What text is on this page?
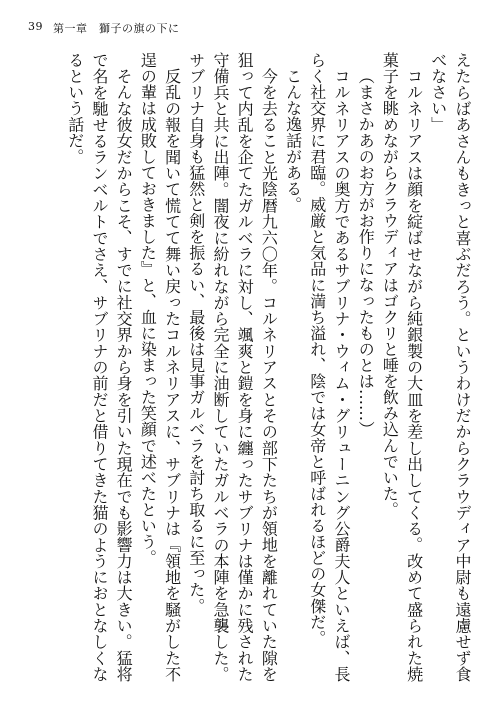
39 第一章　獅子の旗の下に

えたらばあさんもきっと喜ぶだろう。というわけだからクラウディア中尉も遠慮せず食べなさい」

コルネリアスは顔を綻ばせながら純銀製の大皿を差し出してくる。改めて盛られた焼菓子を眺めながらクラウディアはゴクリと唾を飲み込んでいた。

（まさかあのお方がお作りになったものとは……）

コルネリアスの奥方であるサブリナ・ウィム・グリューニング公爵夫人といえば、長らく社交界に君臨。威厳と気品に満ち溢れ、陰では女帝と呼ばれるほどの女傑だ。

こんな逸話がある。

今を去ること光陰暦九六〇年。コルネリアスとその部下たちが領地を離れていた隙を狙って内乱を企てたガルベラに対し、颯爽と鎧を身に纏ったサブリナは僅かに残された守備兵と共に出陣。闇夜に紛れながら完全に油断していたガルベラの本陣を急襲した。サブリナ自身も猛然と剣を振るい、最後は見事ガルベラを討ち取るに至った。

反乱の報を聞いて慌てて舞い戻ったコルネリアスに、サブリナは『領地を騒がした不逞の輩は成敗しておきました』と、血に染まった笑顔で述べたという。

そんな彼女だからこそ、すでに社交界から身を引いた現在でも影響力は大きい。猛将で名を馳せるランベルトでさえ、サブリナの前だと借りてきた猫のようにおとなしくなるという話だ。
